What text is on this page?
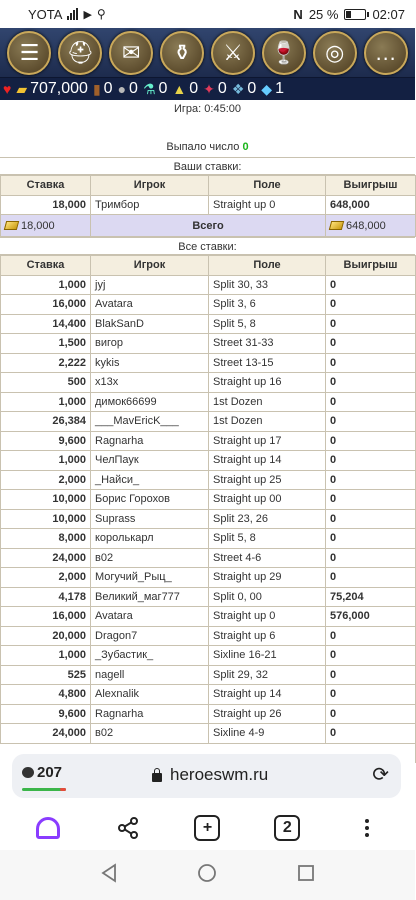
YOTA ▶ ⚲	N 25 %	02:07
☰	⛑	✉	⚱	⚔	🍷	◎	…
♥ ▰ 707,000 ▮ 0 ● 0 ⚗ 0 ▲ 0 ✦ 0 ❖ 0 ◆ 1
Игра: 0:45:00
Выпало число 0
Ваши ставки:
Ставка	Игрок	Поле	Выигрыш
18,000	Тримбор	Straight up 0	648,000
18,000	Всего		648,000
Все ставки:
Ставка	Игрок	Поле	Выигрыш
1,000	jyj	Split 30, 33	0
16,000	Avatara	Split 3, 6	0
14,400	BlakSanD	Split 5, 8	0
1,500	вигор	Street 31-33	0
2,222	kykis	Street 13-15	0
500	x13x	Straight up 16	0
1,000	димок66699	1st Dozen	0
26,384	___MavEricK___	1st Dozen	0
9,600	Ragnarha	Straight up 17	0
1,000	ЧелПаук	Straight up 14	0
2,000	_Найси_	Straight up 25	0
10,000	Борис Горохов	Straight up 00	0
10,000	Suprass	Split 23, 26	0
8,000	королькарл	Split 5, 8	0
24,000	в02	Street 4-6	0
2,000	Могучий_Рыц_	Straight up 29	0
4,178	Великий_маг777	Split 0, 00	75,204
16,000	Avatara	Straight up 0	576,000
20,000	Dragon7	Straight up 6	0
1,000	_Зубастик_	Sixline 16-21	0
525	nagell	Split 29, 32	0
4,800	Alexnalik	Straight up 14	0
9,600	Ragnarha	Straight up 26	0
24,000	в02	Sixline 4-9	0

207	heroeswm.ru	⟳
+	2
